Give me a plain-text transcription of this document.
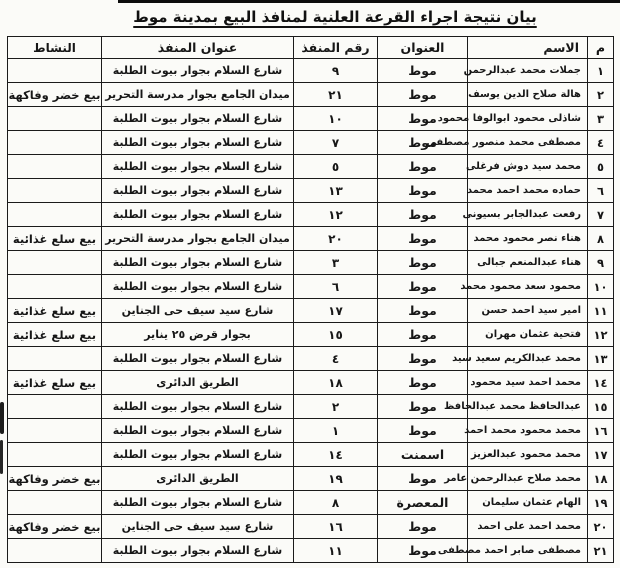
بيان نتيجة اجراء القرعة العلنية لمنافذ البيع بمدينة موط
م	الاسم	العنوان	رقم المنفذ	عنوان المنفذ	النشاط
١	جملات محمد عبدالرحمن	موط	٩	شارع السلام بجوار بيوت الطلبة	
٢	هالة صلاح الدين يوسف	موط	٢١	ميدان الجامع بجوار مدرسة التحرير	بيع خضر وفاكهة
٣	شاذلى محمود ابوالوفا محمود	موط	١٠	شارع السلام بجوار بيوت الطلبة	
٤	مصطفى محمد منصور مصطفى	موط	٧	شارع السلام بجوار بيوت الطلبة	
٥	محمد سيد دوش فرغلى	موط	٥	شارع السلام بجوار بيوت الطلبة	
٦	حماده محمد احمد محمد	موط	١٣	شارع السلام بجوار بيوت الطلبة	
٧	رفعت عبدالجابر بسيونى	موط	١٢	شارع السلام بجوار بيوت الطلبة	
٨	هناء نصر محمود محمد	موط	٢٠	ميدان الجامع بجوار مدرسة التحرير	بيع سلع غذائية
٩	هناء عبدالمنعم جبالى	موط	٣	شارع السلام بجوار بيوت الطلبة	
١٠	محمود سعد محمود محمد	موط	٦	شارع السلام بجوار بيوت الطلبة	
١١	امير سيد احمد حسن	موط	١٧	شارع سيد سيف حى الجناين	بيع سلع غذائية
١٢	فتحية عثمان مهران	موط	١٥	بجوار قرض ٢٥ يناير	بيع سلع غذائية
١٣	محمد عبدالكريم سعيد سيد	موط	٤	شارع السلام بجوار بيوت الطلبة	
١٤	محمد احمد سيد محمود	موط	١٨	الطريق الدائرى	بيع سلع غذائية
١٥	عبدالحافظ محمد عبدالحافظ	موط	٢	شارع السلام بجوار بيوت الطلبة	
١٦	محمد محمود محمد احمد	موط	١	شارع السلام بجوار بيوت الطلبة	
١٧	محمد محمود عبدالعزيز	اسمنت	١٤	شارع السلام بجوار بيوت الطلبة	
١٨	محمد صلاح عبدالرحمن عامر	موط	١٩	الطريق الدائرى	بيع خضر وفاكهة
١٩	الهام عثمان سليمان	المعصرة	٨	شارع السلام بجوار بيوت الطلبة	
٢٠	محمد احمد على احمد	موط	١٦	شارع سيد سيف حى الجناين	بيع خضر وفاكهة
٢١	مصطفى صابر احمد مصطفى	موط	١١	شارع السلام بجوار بيوت الطلبة	
